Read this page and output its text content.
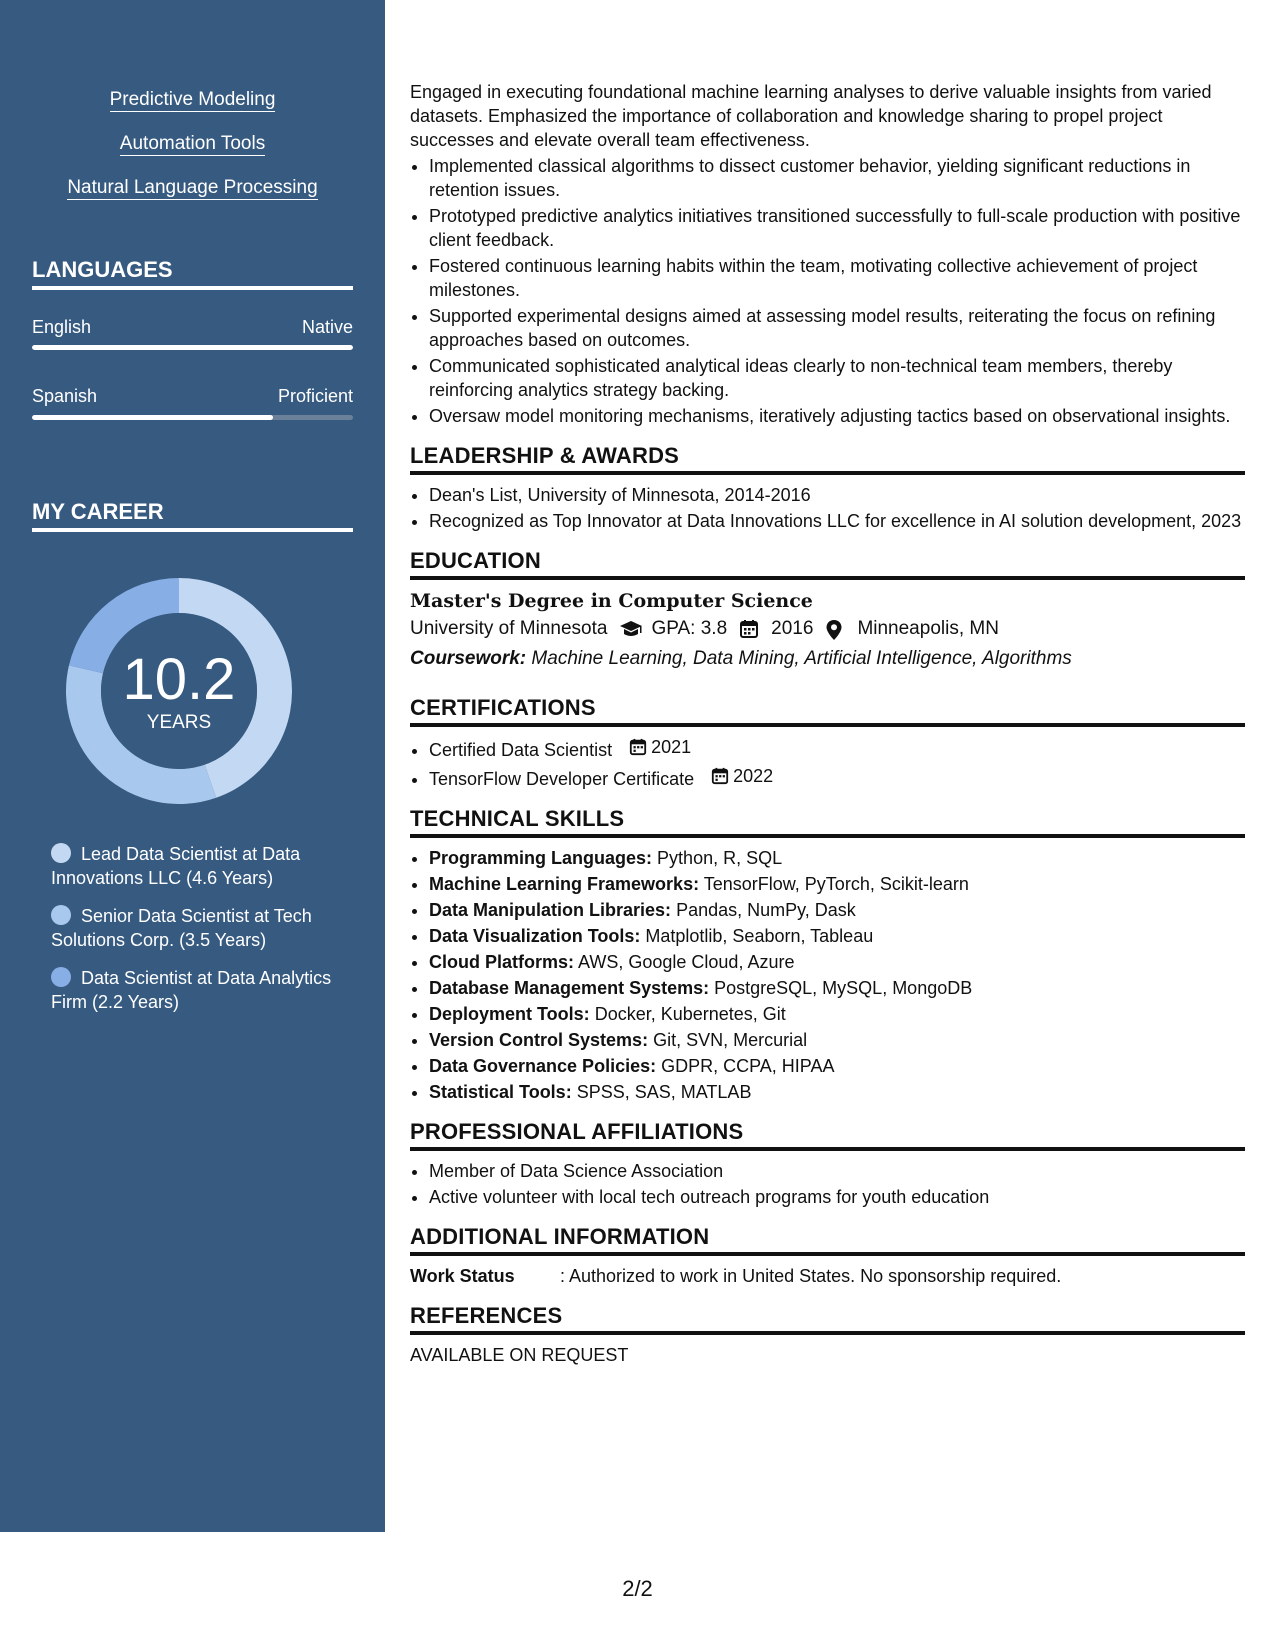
Predictive Modeling
Automation Tools
Natural Language Processing
LANGUAGES
English	Native
Spanish	Proficient
MY CAREER
10.2
YEARS
Lead Data Scientist at Data Innovations LLC (4.6 Years)
Senior Data Scientist at Tech Solutions Corp. (3.5 Years)
Data Scientist at Data Analytics Firm (2.2 Years)
Engaged in executing foundational machine learning analyses to derive valuable insights from varied datasets. Emphasized the importance of collaboration and knowledge sharing to propel project successes and elevate overall team effectiveness.
• Implemented classical algorithms to dissect customer behavior, yielding significant reductions in retention issues.
• Prototyped predictive analytics initiatives transitioned successfully to full-scale production with positive client feedback.
• Fostered continuous learning habits within the team, motivating collective achievement of project milestones.
• Supported experimental designs aimed at assessing model results, reiterating the focus on refining approaches based on outcomes.
• Communicated sophisticated analytical ideas clearly to non-technical team members, thereby reinforcing analytics strategy backing.
• Oversaw model monitoring mechanisms, iteratively adjusting tactics based on observational insights.
LEADERSHIP & AWARDS
• Dean's List, University of Minnesota, 2014-2016
• Recognized as Top Innovator at Data Innovations LLC for excellence in AI solution development, 2023
EDUCATION
Master's Degree in Computer Science
University of Minnesota GPA: 3.8 2016 Minneapolis, MN
Coursework: Machine Learning, Data Mining, Artificial Intelligence, Algorithms
CERTIFICATIONS
• Certified Data Scientist 2021
• TensorFlow Developer Certificate 2022
TECHNICAL SKILLS
• Programming Languages: Python, R, SQL
• Machine Learning Frameworks: TensorFlow, PyTorch, Scikit-learn
• Data Manipulation Libraries: Pandas, NumPy, Dask
• Data Visualization Tools: Matplotlib, Seaborn, Tableau
• Cloud Platforms: AWS, Google Cloud, Azure
• Database Management Systems: PostgreSQL, MySQL, MongoDB
• Deployment Tools: Docker, Kubernetes, Git
• Version Control Systems: Git, SVN, Mercurial
• Data Governance Policies: GDPR, CCPA, HIPAA
• Statistical Tools: SPSS, SAS, MATLAB
PROFESSIONAL AFFILIATIONS
• Member of Data Science Association
• Active volunteer with local tech outreach programs for youth education
ADDITIONAL INFORMATION
Work Status	: Authorized to work in United States. No sponsorship required.
REFERENCES
AVAILABLE ON REQUEST
2/2
